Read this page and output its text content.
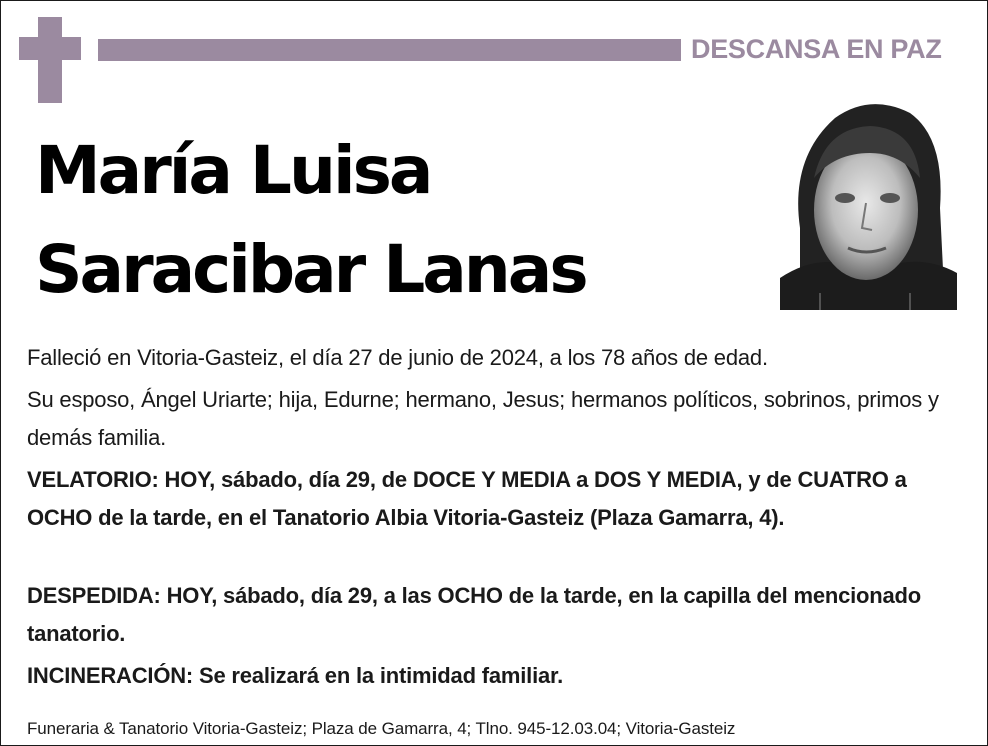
DESCANSA EN PAZ
María Luisa
Saracibar Lanas
Falleció en Vitoria-Gasteiz, el día 27 de junio de 2024, a los 78 años de edad.
Su esposo, Ángel Uriarte; hija, Edurne; hermano, Jesus; hermanos políticos, sobrinos, primos y demás familia.
VELATORIO: HOY, sábado, día 29, de DOCE Y MEDIA a DOS Y MEDIA, y de CUATRO a OCHO de la tarde, en el Tanatorio Albia Vitoria-Gasteiz (Plaza Gamarra, 4).
DESPEDIDA: HOY, sábado, día 29, a las OCHO de la tarde, en la capilla del mencionado tanatorio.
INCINERACIÓN: Se realizará en la intimidad familiar.
Funeraria & Tanatorio Vitoria-Gasteiz; Plaza de Gamarra, 4; Tlno. 945-12.03.04; Vitoria-Gasteiz
